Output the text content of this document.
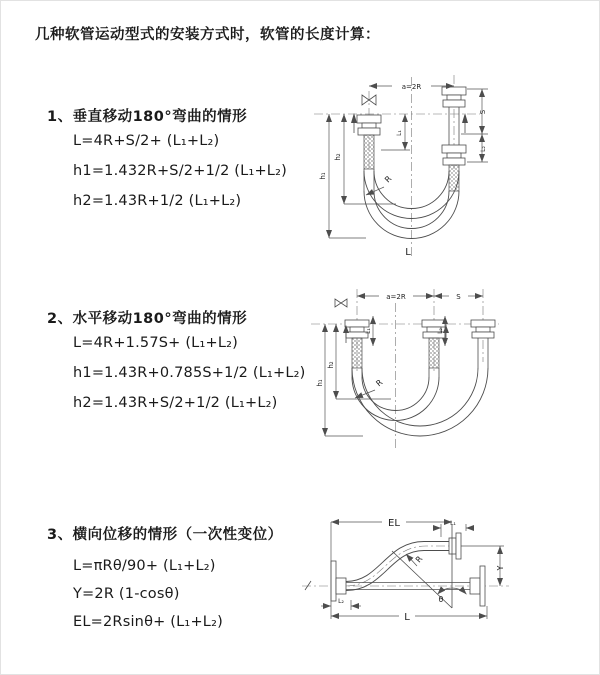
几种软管运动型式的安装方式时，软管的长度计算：
1、垂直移动180°弯曲的情形
L=4R+S/2+ (L₁+L₂)
h1=1.432R+S/2+1/2 (L₁+L₂)
h2=1.43R+1/2 (L₁+L₂)
a=2R
h₁
h₂
L₁
S
L₂
R
L
2、水平移动180°弯曲的情形
L=4R+1.57S+ (L₁+L₂)
h1=1.43R+0.785S+1/2 (L₁+L₂)
h2=1.43R+S/2+1/2 (L₁+L₂)
a=2R	S
h₁
h₂
L₁	L₂
R
3、横向位移的情形（一次性变位）
L=πRθ/90+ (L₁+L₂)
Y=2R (1-cosθ)
EL=2Rsinθ+ (L₁+L₂)
θ
EL	L₁
Y
R
L₂
L
